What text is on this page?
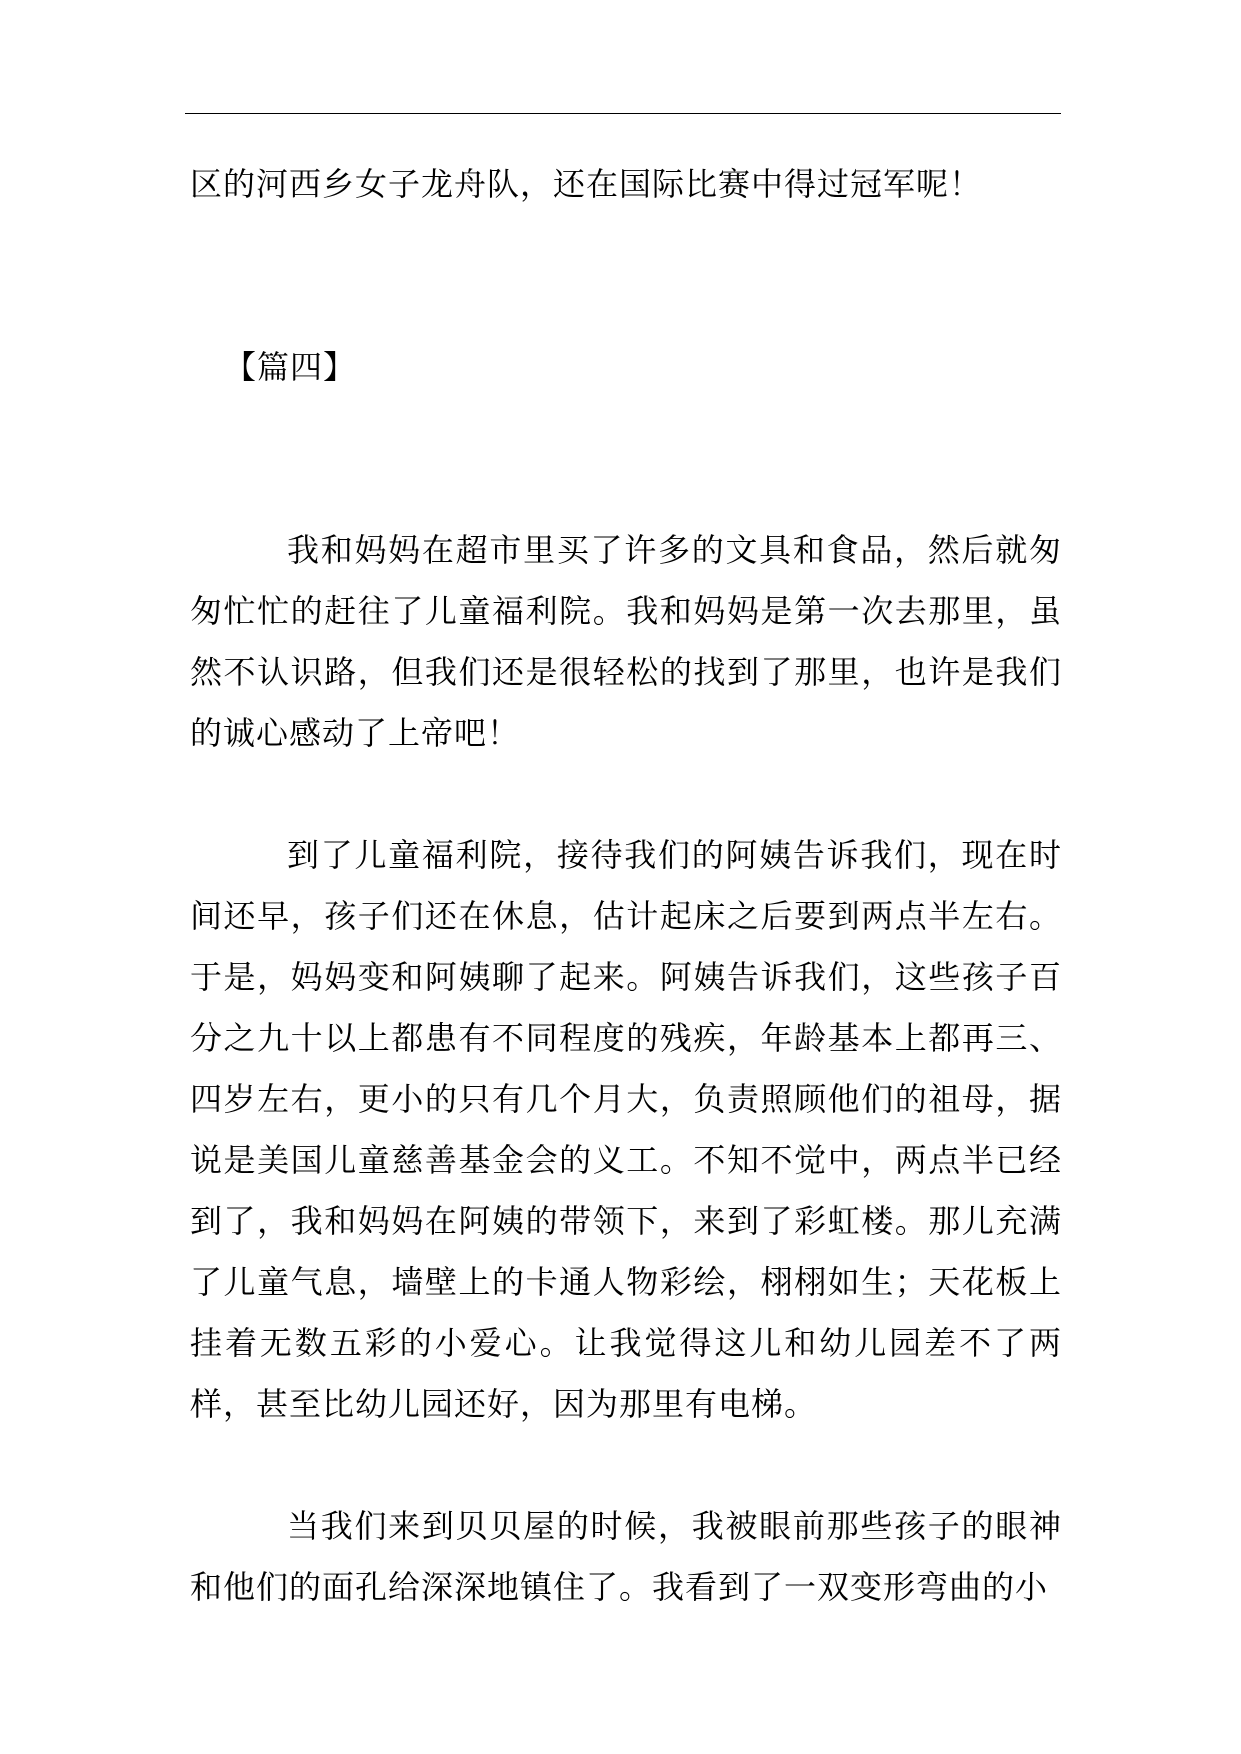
区的河西乡女子龙舟队，还在国际比赛中得过冠军呢！

【篇四】

我和妈妈在超市里买了许多的文具和食品，然后就匆匆忙忙的赶往了儿童福利院。我和妈妈是第一次去那里，虽然不认识路，但我们还是很轻松的找到了那里，也许是我们的诚心感动了上帝吧！

到了儿童福利院，接待我们的阿姨告诉我们，现在时间还早，孩子们还在休息，估计起床之后要到两点半左右。于是，妈妈变和阿姨聊了起来。阿姨告诉我们，这些孩子百分之九十以上都患有不同程度的残疾，年龄基本上都再三、四岁左右，更小的只有几个月大，负责照顾他们的祖母，据说是美国儿童慈善基金会的义工。不知不觉中，两点半已经到了，我和妈妈在阿姨的带领下，来到了彩虹楼。那儿充满了儿童气息，墙壁上的卡通人物彩绘，栩栩如生；天花板上挂着无数五彩的小爱心。让我觉得这儿和幼儿园差不了两样，甚至比幼儿园还好，因为那里有电梯。

当我们来到贝贝屋的时候，我被眼前那些孩子的眼神和他们的面孔给深深地镇住了。我看到了一双变形弯曲的小
